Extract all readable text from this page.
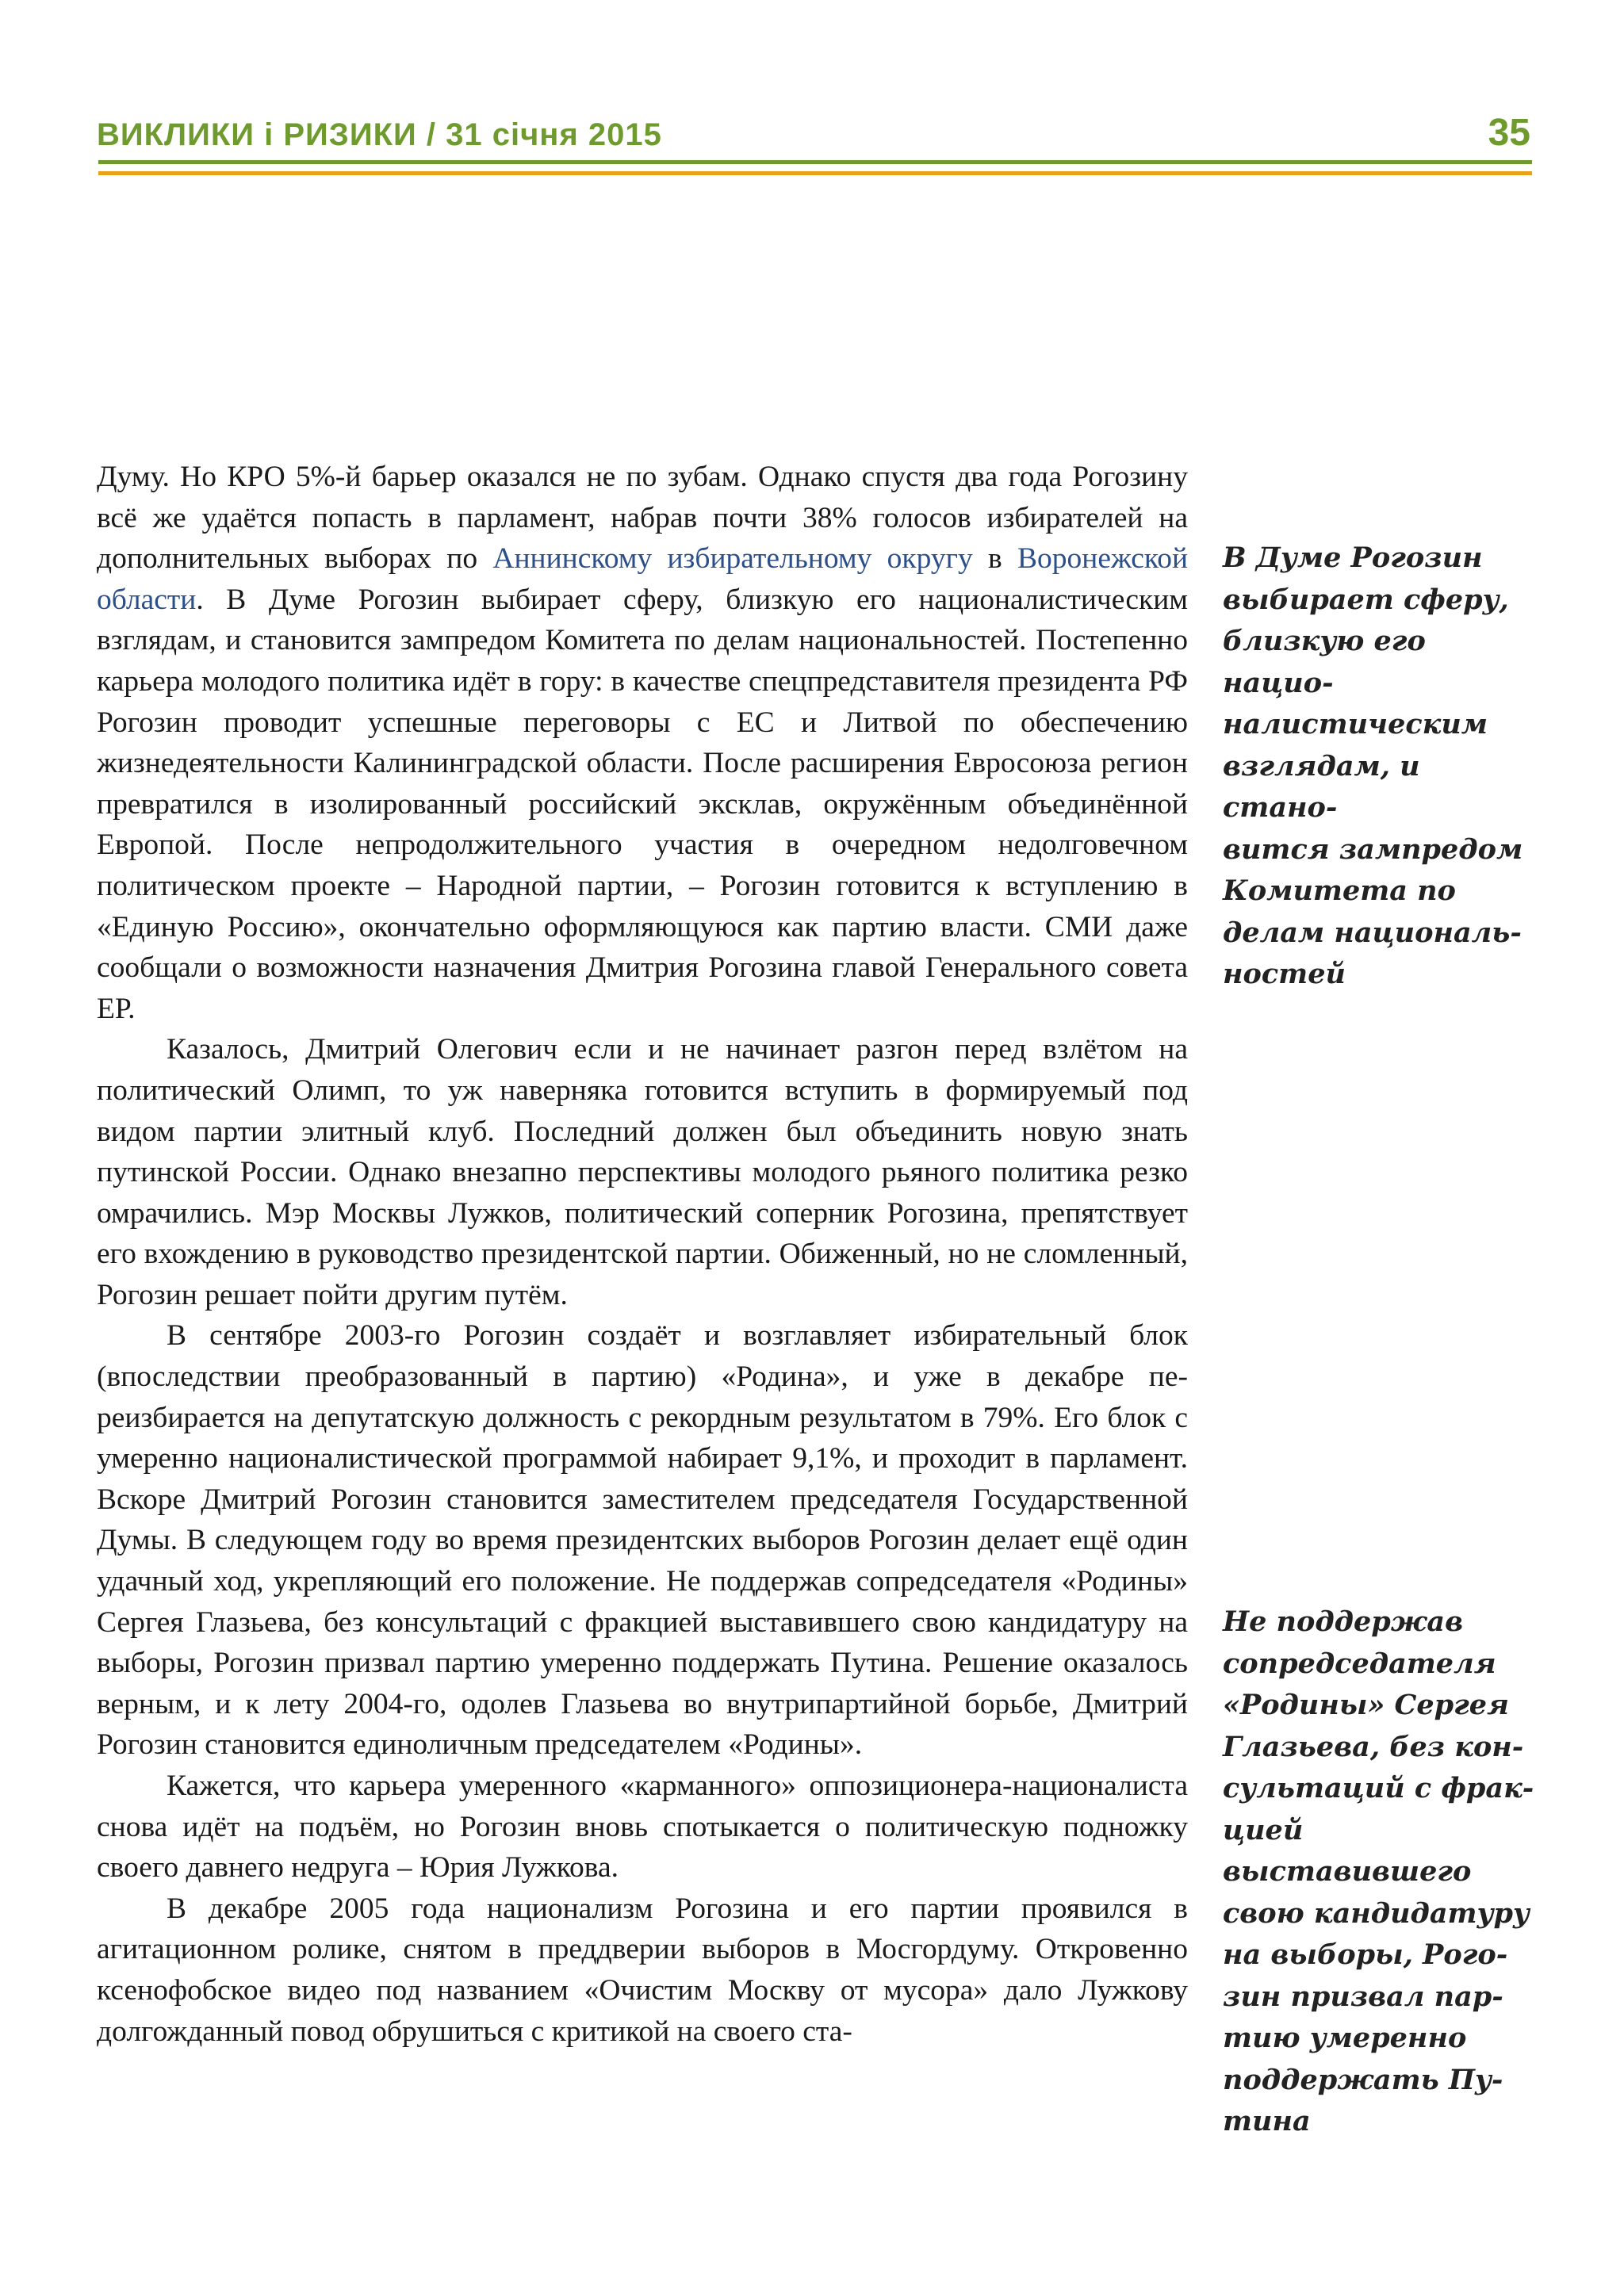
ВИКЛИКИ і РИЗИКИ / 31 січня 2015	35

Думу. Но КРО 5%-й барьер оказался не по зубам. Однако спустя два года Рогозину всё же удаётся попасть в парламент, набрав почти 38% голосов избирателей на дополнительных выборах по Аннинскому избирательному округу в Воронежской области. В Думе Рогозин выбирает сферу, близкую его националистическим взглядам, и становится зампредом Комитета по делам национальностей. Постепенно карьера молодого политика идёт в гору: в качестве спецпредставителя президента РФ Рогозин проводит успешные переговоры с ЕС и Литвой по обеспечению жизнедеятельности Калининградской области. После расширения Евросоюза регион превратился в изолированный российский эксклав, окружённым объединённой Европой. После непродолжительного участия в очередном недолговечном политическом проекте – Народной партии, – Рогозин готовится к вступлению в «Единую Россию», окончательно оформляющуюся как партию власти. СМИ даже сообщали о возможности назначения Дмитрия Рогозина главой Генерального совета ЕР.

Казалось, Дмитрий Олегович если и не начинает разгон перед взлётом на политический Олимп, то уж наверняка готовится вступить в формируемый под видом партии элитный клуб. Последний должен был объединить новую знать путинской России. Однако внезапно перспективы молодого рьяного политика резко омрачились. Мэр Москвы Лужков, политический соперник Рогозина, препятствует его вхождению в руководство президентской партии. Обиженный, но не сломленный, Рогозин решает пойти другим путём.

В сентябре 2003-го Рогозин создаёт и возглавляет избирательный блок (впоследствии преобразованный в партию) «Родина», и уже в декабре переизбирается на депутатскую должность с рекордным результатом в 79%. Его блок с умеренно националистической программой набирает 9,1%, и проходит в парламент. Вскоре Дмитрий Рогозин становится заместителем председателя Государственной Думы. В следующем году во время президентских выборов Рогозин делает ещё один удачный ход, укрепляющий его положение. Не поддержав сопредседателя «Родины» Сергея Глазьева, без консультаций с фракцией выставившего свою кандидатуру на выборы, Рогозин призвал партию умеренно поддержать Путина. Решение оказалось верным, и к лету 2004-го, одолев Глазьева во внутрипартийной борьбе, Дмитрий Рогозин становится единоличным председателем «Родины».

Кажется, что карьера умеренного «карманного» оппозиционера-националиста снова идёт на подъём, но Рогозин вновь спотыкается о политическую подножку своего давнего недруга – Юрия Лужкова.

В декабре 2005 года национализм Рогозина и его партии проявился в агитационном ролике, снятом в преддверии выборов в Мосгордуму. Откровенно ксенофобское видео под названием «Очистим Москву от мусора» дало Лужкову долгожданный повод обрушиться с критикой на своего ста-

В Думе Рогозин
выбирает сферу,
близкую его нацио-
налистическим
взглядам, и стано-
вится зампредом
Комитета по
делам националь-
ностей

Не поддержав
сопредседателя
«Родины» Сергея
Глазьева, без кон-
сультаций с фрак-
цией
выставившего
свою кандидатуру
на выборы, Рого-
зин призвал пар-
тию умеренно
поддержать Пу-
тина
